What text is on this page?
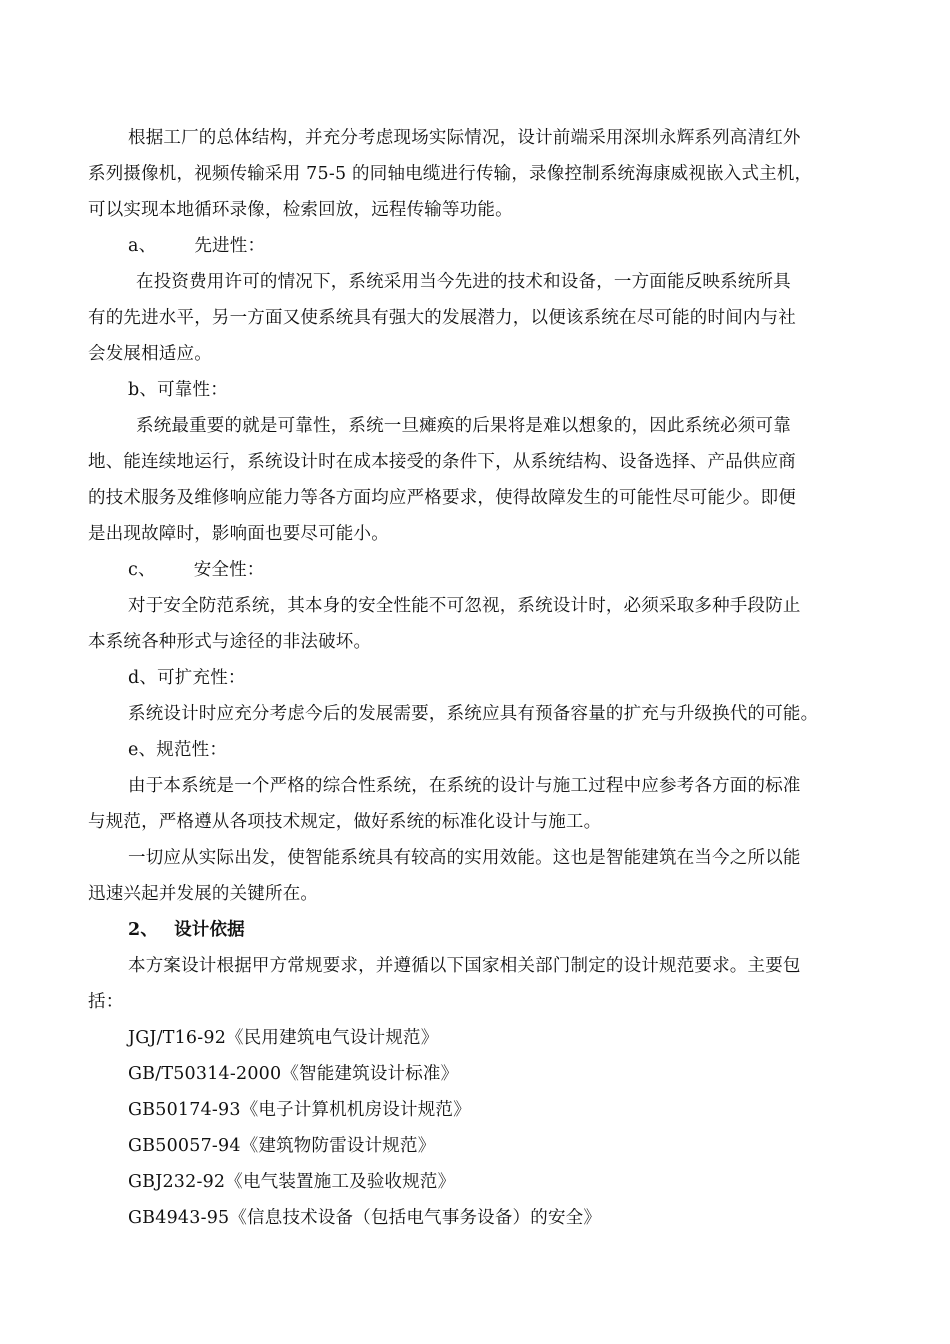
根据工厂的总体结构，并充分考虑现场实际情况，设计前端采用深圳永辉系列高清红外
系列摄像机，视频传输采用 75-5 的同轴电缆进行传输，录像控制系统海康威视嵌入式主机，
可以实现本地循环录像，检索回放，远程传输等功能。
a、 先进性：
在投资费用许可的情况下，系统采用当今先进的技术和设备，一方面能反映系统所具
有的先进水平，另一方面又使系统具有强大的发展潜力，以便该系统在尽可能的时间内与社
会发展相适应。
b、可靠性：
系统最重要的就是可靠性，系统一旦瘫痪的后果将是难以想象的，因此系统必须可靠
地、能连续地运行，系统设计时在成本接受的条件下，从系统结构、设备选择、产品供应商
的技术服务及维修响应能力等各方面均应严格要求，使得故障发生的可能性尽可能少。即便
是出现故障时，影响面也要尽可能小。
c、 安全性：
对于安全防范系统，其本身的安全性能不可忽视，系统设计时，必须采取多种手段防止
本系统各种形式与途径的非法破坏。
d、可扩充性：
系统设计时应充分考虑今后的发展需要，系统应具有预备容量的扩充与升级换代的可能。
e、规范性：
由于本系统是一个严格的综合性系统，在系统的设计与施工过程中应参考各方面的标准
与规范，严格遵从各项技术规定，做好系统的标准化设计与施工。
一切应从实际出发，使智能系统具有较高的实用效能。这也是智能建筑在当今之所以能
迅速兴起并发展的关键所在。
2、 设计依据
本方案设计根据甲方常规要求，并遵循以下国家相关部门制定的设计规范要求。主要包
括：
JGJ/T16-92《民用建筑电气设计规范》
GB/T50314-2000《智能建筑设计标准》
GB50174-93《电子计算机机房设计规范》
GB50057-94《建筑物防雷设计规范》
GBJ232-92《电气装置施工及验收规范》
GB4943-95《信息技术设备（包括电气事务设备）的安全》
